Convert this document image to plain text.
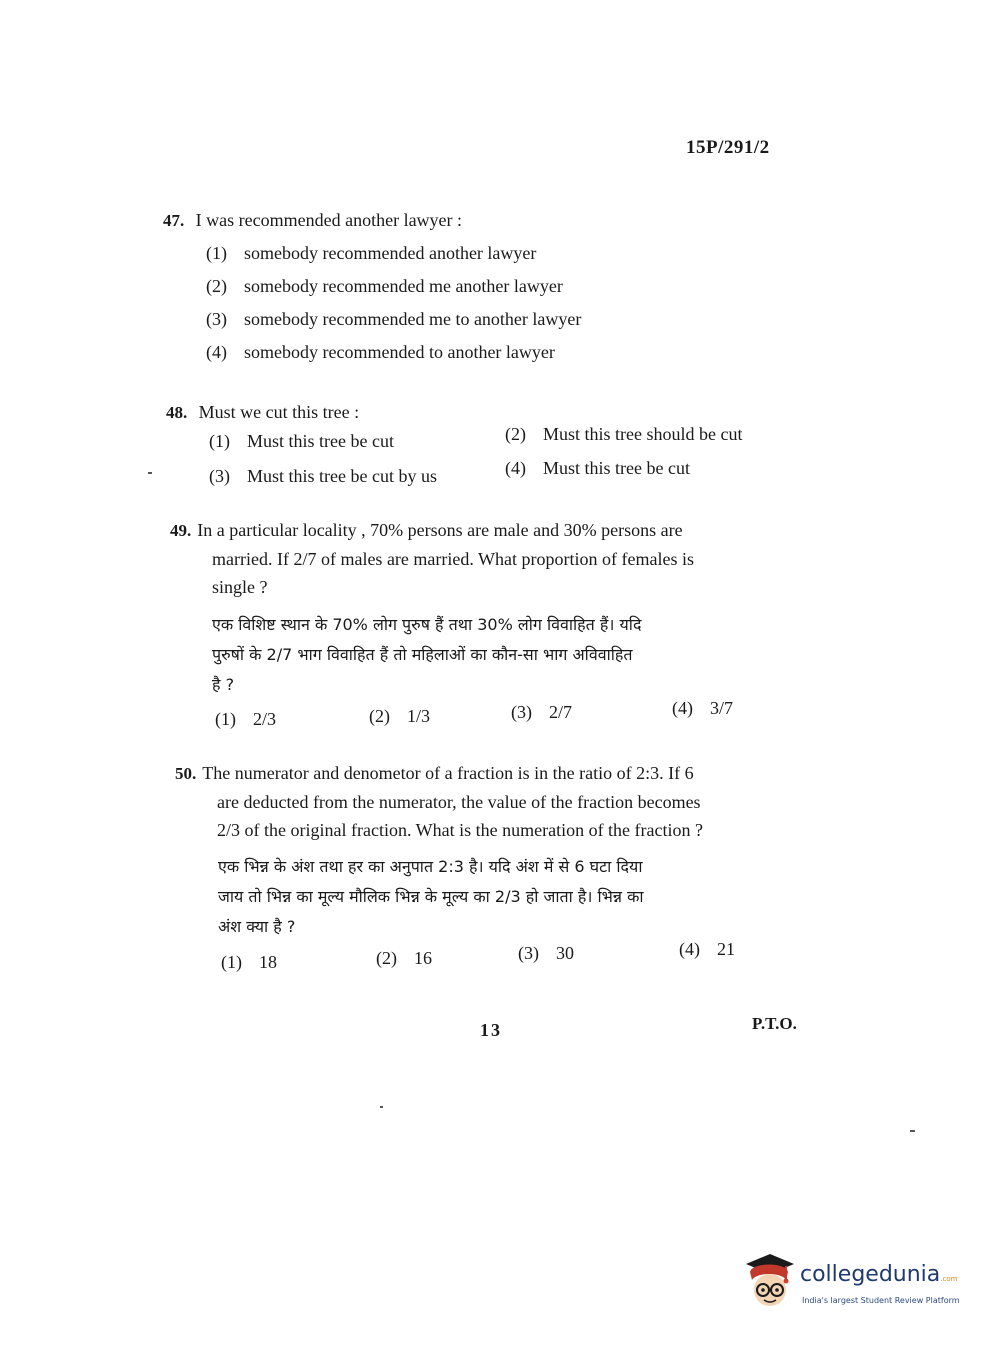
15P/291/2
47. I was recommended another lawyer :
(1) somebody recommended another lawyer
(2) somebody recommended me another lawyer
(3) somebody recommended me to another lawyer
(4) somebody recommended to another lawyer
48. Must we cut this tree :
(1) Must this tree be cut	(2) Must this tree should be cut
(3) Must this tree be cut by us	(4) Must this tree be cut
49. In a particular locality , 70% persons are male and 30% persons are
married. If 2/7 of males are married. What proportion of females is
single ?
एक विशिष्ट स्थान के 70% लोग पुरुष हैं तथा 30% लोग विवाहित हैं। यदि
पुरुषों के 2/7 भाग विवाहित हैं तो महिलाओं का कौन-सा भाग अविवाहित
है ?
(1) 2/3	(2) 1/3	(3) 2/7	(4) 3/7
50. The numerator and denometor of a fraction is in the ratio of 2:3. If 6
are deducted from the numerator, the value of the fraction becomes
2/3 of the original fraction. What is the numeration of the fraction ?
एक भिन्न के अंश तथा हर का अनुपात 2:3 है। यदि अंश में से 6 घटा दिया
जाय तो भिन्न का मूल्य मौलिक भिन्न के मूल्य का 2/3 हो जाता है। भिन्न का
अंश क्या है ?
(1) 18	(2) 16	(3) 30	(4) 21
13	P.T.O.
collegedunia.com
India's largest Student Review Platform
